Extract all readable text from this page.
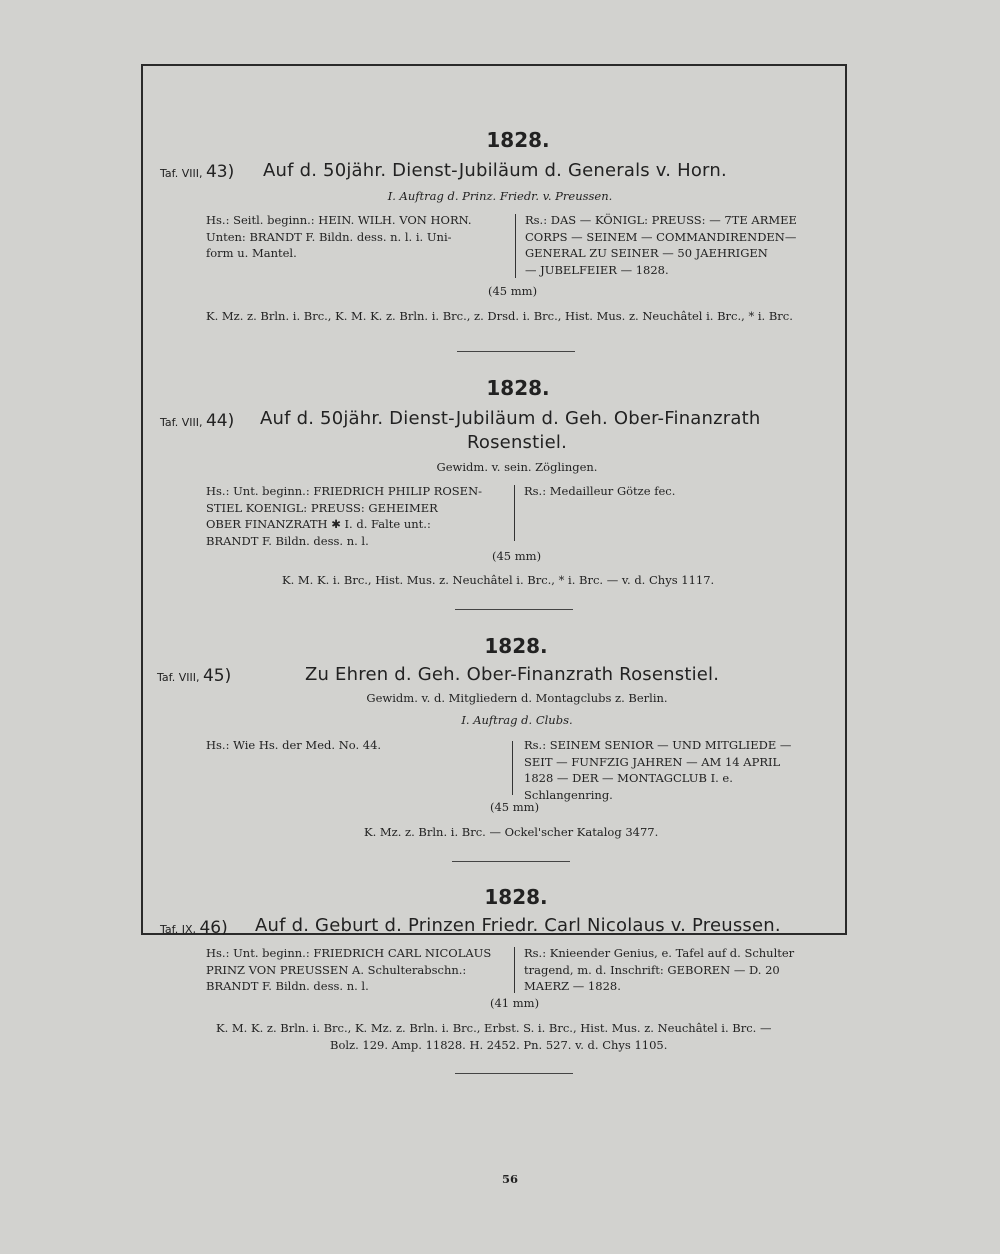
1828.
Taf. VIII, 43) Auf d. 50jähr. Dienst-Jubiläum d. Generals v. Horn.
I. Auftrag d. Prinz. Friedr. v. Preussen.
Hs.: Seitl. beginn.: HEIN. WILH. VON HORN.
Unten: BRANDT F. Bildn. dess. n. l. i. Uni-
form u. Mantel.
Rs.: DAS — KÖNIGL: PREUSS: — 7TE ARMEE
CORPS — SEINEM — COMMANDIRENDEN—
GENERAL ZU SEINER — 50 JAEHRIGEN
— JUBELFEIER — 1828.
(45 mm)
K. Mz. z. Brln. i. Brc., K. M. K. z. Brln. i. Brc., z. Drsd. i. Brc., Hist. Mus. z. Neuchâtel i. Brc., * i. Brc.
1828.
Taf. VIII, 44) Auf d. 50jähr. Dienst-Jubiläum d. Geh. Ober-Finanzrath
Rosenstiel.
Gewidm. v. sein. Zöglingen.
Hs.: Unt. beginn.: FRIEDRICH PHILIP ROSEN-
STIEL KOENIGL: PREUSS: GEHEIMER
OBER FINANZRATH ✱ I. d. Falte unt.:
BRANDT F. Bildn. dess. n. l.
Rs.: Medailleur Götze fec.
(45 mm)
K. M. K. i. Brc., Hist. Mus. z. Neuchâtel i. Brc., * i. Brc. — v. d. Chys 1117.
1828.
Taf. VIII, 45)	Zu Ehren d. Geh. Ober-Finanzrath Rosenstiel.
Gewidm. v. d. Mitgliedern d. Montagclubs z. Berlin.
I. Auftrag d. Clubs.
Hs.: Wie Hs. der Med. No. 44.	Rs.: SEINEM SENIOR — UND MITGLIEDE —
SEIT — FUNFZIG JAHREN — AM 14 APRIL
1828 — DER — MONTAGCLUB I. e.
Schlangenring.
(45 mm)
K. Mz. z. Brln. i. Brc. — Ockel'scher Katalog 3477.
1828.
Taf. IX, 46) Auf d. Geburt d. Prinzen Friedr. Carl Nicolaus v. Preussen.
Hs.: Unt. beginn.: FRIEDRICH CARL NICOLAUS
PRINZ VON PREUSSEN A. Schulterabschn.:
BRANDT F. Bildn. dess. n. l.
Rs.: Knieender Genius, e. Tafel auf d. Schulter
tragend, m. d. Inschrift: GEBOREN — D. 20
MAERZ — 1828.
(41 mm)
K. M. K. z. Brln. i. Brc., K. Mz. z. Brln. i. Brc., Erbst. S. i. Brc., Hist. Mus. z. Neuchâtel i. Brc. —
Bolz. 129. Amp. 11828. H. 2452. Pn. 527. v. d. Chys 1105.
56
